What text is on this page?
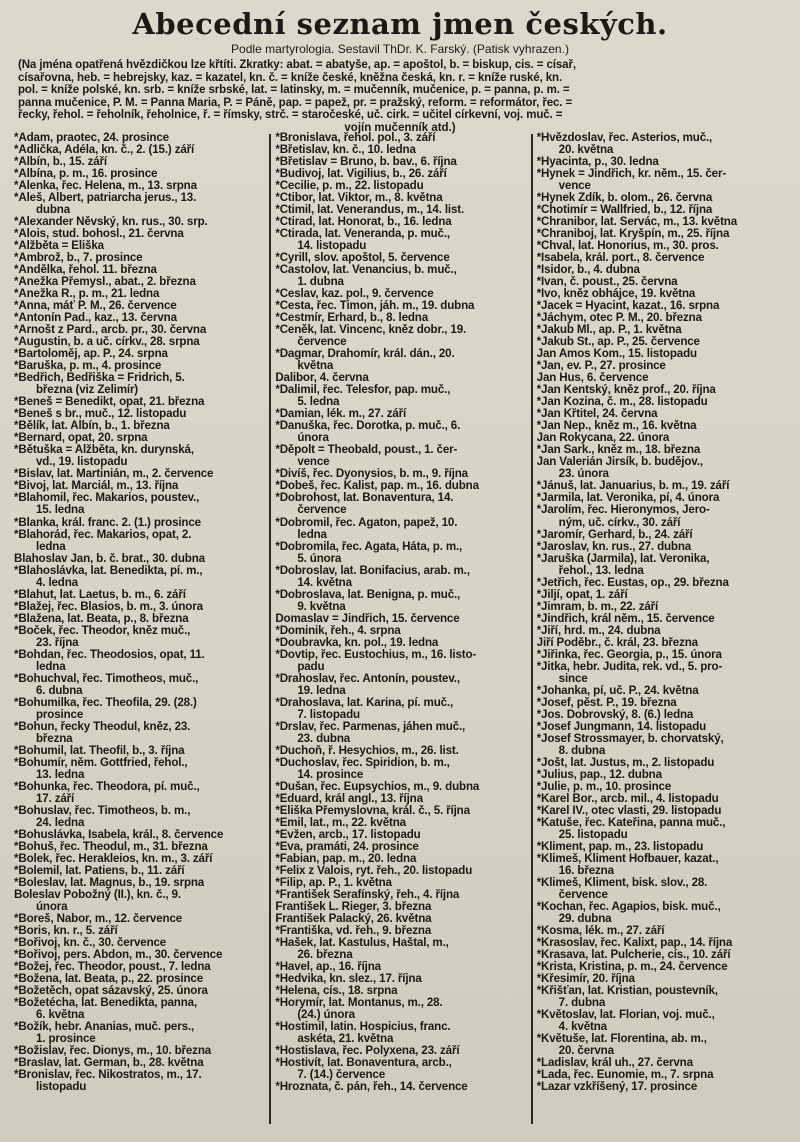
Abecední seznam jmen českých.
Podle martyrologia. Sestavil ThDr. K. Farský. (Patisk vyhrazen.)
(Na jména opatřená hvězdičkou lze křtíti. Zkratky: abat. = abatyše, ap. = apoštol, b. = biskup, cis. = císař,
císařovna, heb. = hebrejsky, kaz. = kazatel, kn. č. = kníže české, kněžna česká, kn. r. = kníže ruské, kn.
pol. = kníže polské, kn. srb. = kníže srbské, lat. = latinsky, m. = mučenník, mučenice, p. = panna, p. m. =
panna mučenice, P. M. = Panna Maria, P. = Páně, pap. = papež, pr. = pražský, reform. = reformátor, řec. =
řecky, řehol. = řeholník, řeholnice, ř. = římsky, strč. = staročeské, uč. cirk. = učitel církevní, voj. muč. =
vojín mučenník atd.)
*Adam, praotec, 24. prosince
*Adlička, Adéla, kn. č., 2. (15.) září
*Albín, b., 15. září
*Albína, p. m., 16. prosince
*Alenka, řec. Helena, m., 13. srpna
*Aleš, Albert, patriarcha jerus., 13.
dubna
*Alexander Něvský, kn. rus., 30. srp.
*Alois, stud. bohosl., 21. června
*Alžběta = Eliška
*Ambrož, b., 7. prosince
*Andělka, řehol. 11. března
*Anežka Přemysl., abat., 2. března
*Anežka R., p. m., 21. ledna
*Anna, máť P. M., 26. července
*Antonín Pad., kaz., 13. června
*Arnošt z Pard., arcb. pr., 30. června
*Augustin, b. a uč. církv., 28. srpna
*Bartoloměj, ap. P., 24. srpna
*Baruška, p. m., 4. prosince
*Bedřich, Bedřiška = Fridrich, 5.
března (viz Želimír)
*Beneš = Benedikt, opat, 21. března
*Beneš s br., muč., 12. listopadu
*Bělík, lat. Albín, b., 1. března
*Bernard, opat, 20. srpna
*Bětuška = Alžběta, kn. durynská,
vd., 19. listopadu
*Bislav, lat. Martinián, m., 2. července
*Bivoj, lat. Marciál, m., 13. října
*Blahomil, řec. Makarios, poustev.,
15. ledna
*Blanka, král. franc. 2. (1.) prosince
*Blahorád, řec. Makarios, opat, 2.
ledna
Blahoslav Jan, b. č. brat., 30. dubna
*Blahoslávka, lat. Benedikta, pí. m.,
4. ledna
*Blahut, lat. Laetus, b. m., 6. září
*Blažej, řec. Blasios, b. m., 3. února
*Blažena, lat. Beata, p., 8. března
*Boček, řec. Theodor, kněz muč.,
23. října
*Bohdan, řec. Theodosios, opat, 11.
ledna
*Bohuchval, řec. Timotheos, muč.,
6. dubna
*Bohumilka, řec. Theofila, 29. (28.)
prosince
*Bohun, řecky Theodul, kněz, 23.
března
*Bohumil, lat. Theofil, b., 3. října
*Bohumír, něm. Gottfried, řehol.,
13. ledna
*Bohunka, řec. Theodora, pí. muč.,
17. září
*Bohuslav, řec. Timotheos, b. m.,
24. ledna
*Bohuslávka, Isabela, král., 8. července
*Bohuš, řec. Theodul, m., 31. března
*Bolek, řec. Herakleios, kn. m., 3. září
*Bolemil, lat. Patiens, b., 11. září
*Boleslav, lat. Magnus, b., 19. srpna
Boleslav Pobožný (II.), kn. č., 9.
února
*Boreš, Nabor, m., 12. července
*Boris, kn. r., 5. září
*Bořivoj, kn. č., 30. července
*Bořivoj, pers. Abdon, m., 30. července
*Božej, řec. Theodor, poust., 7. ledna
*Božena, lat. Beata, p., 22. prosince
*Božetěch, opat sázavský, 25. února
*Božetécha, lat. Benedikta, panna,
6. května
*Božík, hebr. Ananias, muč. pers.,
1. prosince
*Božislav, řec. Dionys, m., 10. března
*Braslav, lat. German, b., 28. května
*Bronislav, řec. Nikostratos, m., 17.
listopadu
*Bronislava, řehol. pol., 3. září
*Břetislav, kn. č., 10. ledna
*Břetislav = Bruno, b. bav., 6. října
*Budivoj, lat. Vigilius, b., 26. září
*Cecilie, p. m., 22. listopadu
*Ctibor, lat. Viktor, m., 8. května
*Ctimil, lat. Venerandus, m., 14. list.
*Ctirad, lat. Honorat, b., 16. ledna
*Ctirada, lat. Veneranda, p. muč.,
14. listopadu
*Cyrill, slov. apoštol, 5. července
*Častolov, lat. Venancius, b. muč.,
1. dubna
*Česlav, kaz. pol., 9. července
*Česta, řec. Timon, jáh. m., 19. dubna
*Čestmír, Erhard, b., 8. ledna
*Čeněk, lat. Vincenc, kněz dobr., 19.
července
*Dagmar, Drahomír, král. dán., 20.
května
Dalibor, 4. června
*Dalimil, řec. Telesfor, pap. muč.,
5. ledna
*Damian, lék. m., 27. září
*Danuška, řec. Dorotka, p. muč., 6.
února
*Děpolt = Theobald, poust., 1. čer-
vence
*Divíš, řec. Dyonysios, b. m., 9. října
*Dobeš, řec. Kalist, pap. m., 16. dubna
*Dobrohost, lat. Bonaventura, 14.
července
*Dobromil, řec. Agaton, papež, 10.
ledna
*Dobromila, řec. Agata, Háta, p. m.,
5. února
*Dobroslav, lat. Bonifacius, arab. m.,
14. května
*Dobroslava, lat. Benigna, p. muč.,
9. května
Domaslav = Jindřich, 15. července
*Dominik, řeh., 4. srpna
*Doubravka, kn. pol., 19. ledna
*Dovtip, řec. Eustochius, m., 16. listo-
padu
*Drahoslav, řec. Antonín, poustev.,
19. ledna
*Drahoslava, lat. Karina, pí. muč.,
7. listopadu
*Drslav, řec. Parmenas, jáhen muč.,
23. dubna
*Duchoň, ř. Hesychios, m., 26. list.
*Duchoslav, řec. Spiridion, b. m.,
14. prosince
*Dušan, řec. Eupsychios, m., 9. dubna
*Eduard, král angl., 13. října
*Eliška Přemyslovna, král. č., 5. října
*Emil, lat., m., 22. května
*Evžen, arcb., 17. listopadu
*Eva, pramáti, 24. prosince
*Fabian, pap. m., 20. ledna
*Felix z Valois, ryt. řeh., 20. listopadu
*Filip, ap. P., 1. května
*František Serafínský, řeh., 4. října
František L. Rieger, 3. března
František Palacký, 26. května
*Františka, vd. řeh., 9. března
*Hašek, lat. Kastulus, Haštal, m.,
26. března
*Havel, ap., 16. října
*Hedvika, kn. slez., 17. října
*Helena, cís., 18. srpna
*Horymír, lat. Montanus, m., 28.
(24.) února
*Hostimil, latin. Hospicius, franc.
askéta, 21. května
*Hostislava, řec. Polyxena, 23. září
*Hostivít, lat. Bonaventura, arcb.,
7. (14.) července
*Hroznata, č. pán, řeh., 14. července
*Hvězdoslav, řec. Asterios, muč.,
20. května
*Hyacinta, p., 30. ledna
*Hynek = Jindřich, kr. něm., 15. čer-
vence
*Hynek Zdík, b. olom., 26. června
*Chotimír = Wallfried, b., 12. října
*Chranibor, lat. Servác, m., 13. května
*Chraniboj, lat. Kryšpín, m., 25. října
*Chval, lat. Honorius, m., 30. pros.
*Isabela, král. port., 8. července
*Isidor, b., 4. dubna
*Ivan, č. poust., 25. června
*Ivo, kněz obhájce, 19. května
*Jacek = Hyacint, kazat., 16. srpna
*Jáchym, otec P. M., 20. března
*Jakub Ml., ap. P., 1. května
*Jakub St., ap. P., 25. července
Jan Amos Kom., 15. listopadu
*Jan, ev. P., 27. prosince
Jan Hus, 6. července
*Jan Kentský, kněz prof., 20. října
*Jan Kozina, č. m., 28. listopadu
*Jan Křtitel, 24. června
*Jan Nep., kněz m., 16. května
Jan Rokycana, 22. února
*Jan Sark., kněz m., 18. března
Jan Valerián Jirsík, b. budějov.,
23. února
*Jánuš, lat. Januarius, b. m., 19. září
*Jarmila, lat. Veronika, pí, 4. února
*Jarolím, řec. Hieronymos, Jero-
ným, uč. církv., 30. září
*Jaromír, Gerhard, b., 24. září
*Jaroslav, kn. rus., 27. dubna
*Jaruška (Jarmila), lat. Veronika,
řehol., 13. ledna
*Jetřich, řec. Eustas, op., 29. března
*Jiljí, opat, 1. září
*Jimram, b. m., 22. září
*Jindřich, král něm., 15. července
*Jiří, hrd. m., 24. dubna
Jiří Poděbr., č. král, 23. března
*Jiřinka, řec. Georgia, p., 15. února
*Jitka, hebr. Judita, rek. vd., 5. pro-
since
*Johanka, pí, uč. P., 24. května
*Josef, pěst. P., 19. března
*Jos. Dobrovský, 8. (6.) ledna
*Josef Jungmann, 14. listopadu
*Josef Strossmayer, b. chorvatský,
8. dubna
*Jošt, lat. Justus, m., 2. listopadu
*Julius, pap., 12. dubna
*Julie, p. m., 10. prosince
*Karel Bor., arcb. mil., 4. listopadu
*Karel IV., otec vlasti, 29. listopadu
*Katuše, řec. Kateřina, panna muč.,
25. listopadu
*Kliment, pap. m., 23. listopadu
*Klimeš, Kliment Hofbauer, kazat.,
16. března
*Klimeš, Kliment, bisk. slov., 28.
července
*Kochan, řec. Agapios, bisk. muč.,
29. dubna
*Kosma, lék. m., 27. září
*Krasoslav, řec. Kalixt, pap., 14. října
*Krasava, lat. Pulcherie, cís., 10. září
*Krista, Kristina, p. m., 24. července
*Křesimír, 20. října
*Křišťan, lat. Kristian, poustevník,
7. dubna
*Květoslav, lat. Florian, voj. muč.,
4. května
*Květuše, lat. Florentina, ab. m.,
20. června
*Ladislav, král uh., 27. června
*Lada, řec. Eunomie, m., 7. srpna
*Lazar vzkříšený, 17. prosince
